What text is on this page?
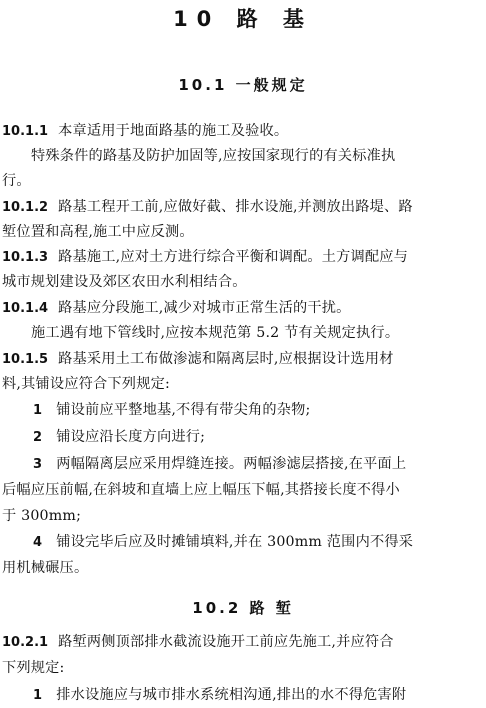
10 路 基
10.1 一般规定
10.1.1 本章适用于地面路基的施工及验收。
特殊条件的路基及防护加固等,应按国家现行的有关标准执
行。
10.1.2 路基工程开工前,应做好截、排水设施,并测放出路堤、路
堑位置和高程,施工中应反测。
10.1.3 路基施工,应对土方进行综合平衡和调配。土方调配应与
城市规划建设及郊区农田水利相结合。
10.1.4 路基应分段施工,减少对城市正常生活的干扰。
施工遇有地下管线时,应按本规范第 5.2 节有关规定执行。
10.1.5 路基采用土工布做渗滤和隔离层时,应根据设计选用材
料,其铺设应符合下列规定:
1 铺设前应平整地基,不得有带尖角的杂物;
2 铺设应沿长度方向进行;
3 两幅隔离层应采用焊缝连接。两幅渗滤层搭接,在平面上
后幅应压前幅,在斜坡和直墙上应上幅压下幅,其搭接长度不得小
于 300mm;
4 铺设完毕后应及时摊铺填料,并在 300mm 范围内不得采
用机械碾压。
10.2 路 堑
10.2.1 路堑两侧顶部排水截流设施开工前应先施工,并应符合
下列规定:
1 排水设施应与城市排水系统相沟通,排出的水不得危害附
